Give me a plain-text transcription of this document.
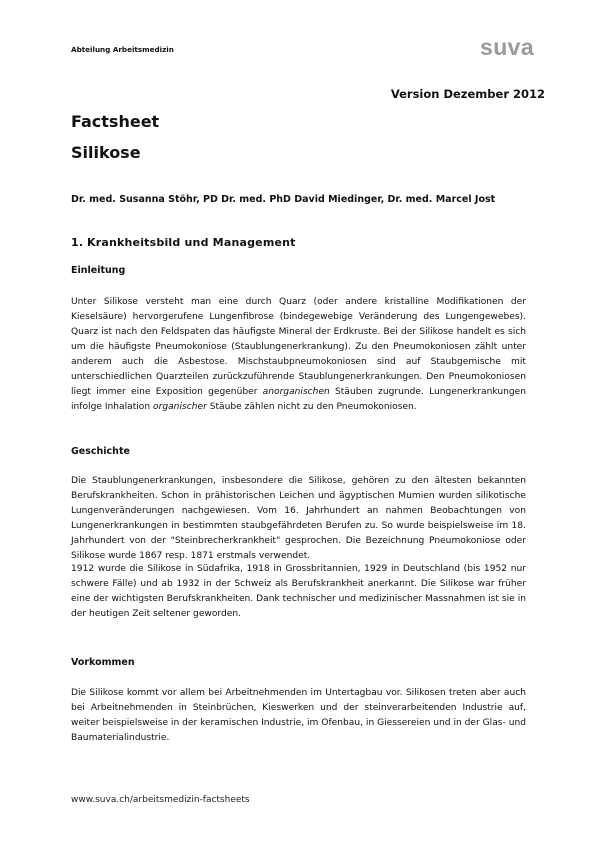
Abteilung Arbeitsmedizin	suva
Version Dezember 2012
Factsheet
Silikose
Dr. med. Susanna Stöhr, PD Dr. med. PhD David Miedinger, Dr. med. Marcel Jost
1. Krankheitsbild und Management
Einleitung

Unter Silikose versteht man eine durch Quarz (oder andere kristalline Modifikationen der Kieselsäure) hervorgerufene Lungenfibrose (bindegewebige Veränderung des Lungengewebes). Quarz ist nach den Feldspaten das häufigste Mineral der Erdkruste. Bei der Silikose handelt es sich um die häufigste Pneumokoniose (Staublungenerkrankung). Zu den Pneumokoniosen zählt unter anderem auch die Asbestose. Mischstaubpneumokoniosen sind auf Staubgemische mit unterschiedlichen Quarzteilen zurückzuführende Staublungenerkrankungen. Den Pneumokoniosen liegt immer eine Exposition gegenüber anorganischen Stäuben zugrunde. Lungenerkrankungen infolge Inhalation organischer Stäube zählen nicht zu den Pneumokoniosen.

Geschichte

Die Staublungenerkrankungen, insbesondere die Silikose, gehören zu den ältesten bekannten Berufskrankheiten. Schon in prähistorischen Leichen und ägyptischen Mumien wurden silikotische Lungenveränderungen nachgewiesen. Vom 16. Jahrhundert an nahmen Beobachtungen von Lungenerkrankungen in bestimmten staubgefährdeten Berufen zu. So wurde beispielsweise im 18. Jahrhundert von der "Steinbrecherkrankheit" gesprochen. Die Bezeichnung Pneumokoniose oder Silikose wurde 1867 resp. 1871 erstmals verwendet.

1912 wurde die Silikose in Südafrika, 1918 in Grossbritannien, 1929 in Deutschland (bis 1952 nur schwere Fälle) und ab 1932 in der Schweiz als Berufskrankheit anerkannt. Die Silikose war früher eine der wichtigsten Berufskrankheiten. Dank technischer und medizinischer Massnahmen ist sie in der heutigen Zeit seltener geworden.

Vorkommen

Die Silikose kommt vor allem bei Arbeitnehmenden im Untertagbau vor. Silikosen treten aber auch bei Arbeitnehmenden in Steinbrüchen, Kieswerken und der steinverarbeitenden Industrie auf, weiter beispielsweise in der keramischen Industrie, im Ofenbau, in Giessereien und in der Glas- und Baumaterialindustrie.

www.suva.ch/arbeitsmedizin-factsheets
